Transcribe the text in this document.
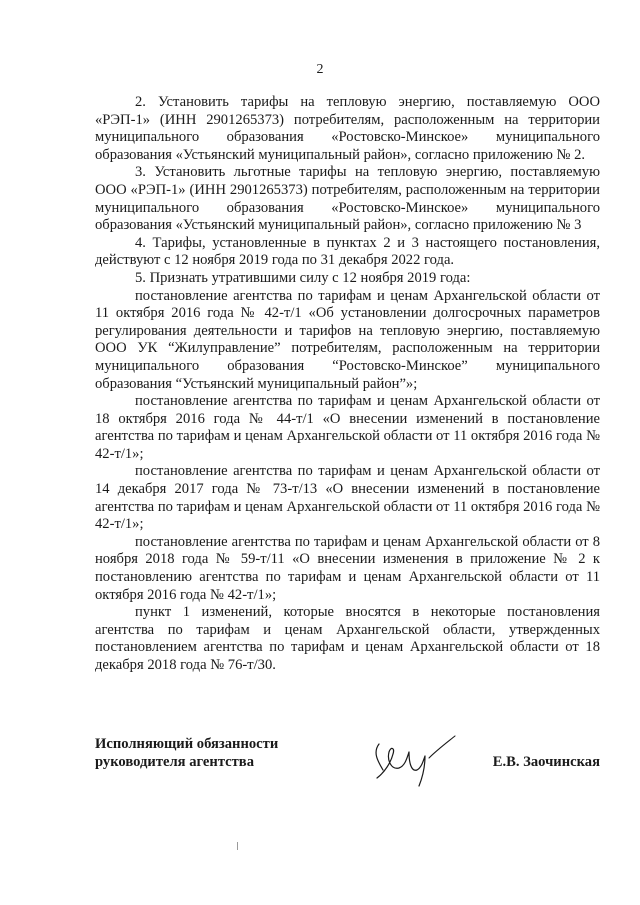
2

2. Установить тарифы на тепловую энергию, поставляемую ООО «РЭП-1» (ИНН 2901265373) потребителям, расположенным на территории муниципального образования «Ростовско-Минское» муниципального образования «Устьянский муниципальный район», согласно приложению № 2.

3. Установить льготные тарифы на тепловую энергию, поставляемую ООО «РЭП-1» (ИНН 2901265373) потребителям, расположенным на территории муниципального образования «Ростовско-Минское» муниципального образования «Устьянский муниципальный район», согласно приложению № 3

4. Тарифы, установленные в пунктах 2 и 3 настоящего постановления, действуют с 12 ноября 2019 года по 31 декабря 2022 года.

5. Признать утратившими силу с 12 ноября 2019 года:

постановление агентства по тарифам и ценам Архангельской области от 11 октября 2016 года № 42-т/1 «Об установлении долгосрочных параметров регулирования деятельности и тарифов на тепловую энергию, поставляемую ООО УК “Жилуправление” потребителям, расположенным на территории муниципального образования “Ростовско-Минское” муниципального образования “Устьянский муниципальный район”»;

постановление агентства по тарифам и ценам Архангельской области от 18 октября 2016 года № 44-т/1 «О внесении изменений в постановление агентства по тарифам и ценам Архангельской области от 11 октября 2016 года № 42-т/1»;

постановление агентства по тарифам и ценам Архангельской области от 14 декабря 2017 года № 73-т/13 «О внесении изменений в постановление агентства по тарифам и ценам Архангельской области от 11 октября 2016 года № 42-т/1»;

постановление агентства по тарифам и ценам Архангельской области от 8 ноября 2018 года № 59-т/11 «О внесении изменения в приложение № 2 к постановлению агентства по тарифам и ценам Архангельской области от 11 октября 2016 года № 42-т/1»;

пункт 1 изменений, которые вносятся в некоторые постановления агентства по тарифам и ценам Архангельской области, утвержденных постановлением агентства по тарифам и ценам Архангельской области от 18 декабря 2018 года № 76-т/30.

Исполняющий обязанности
руководителя агентства	Е.В. Заочинская
